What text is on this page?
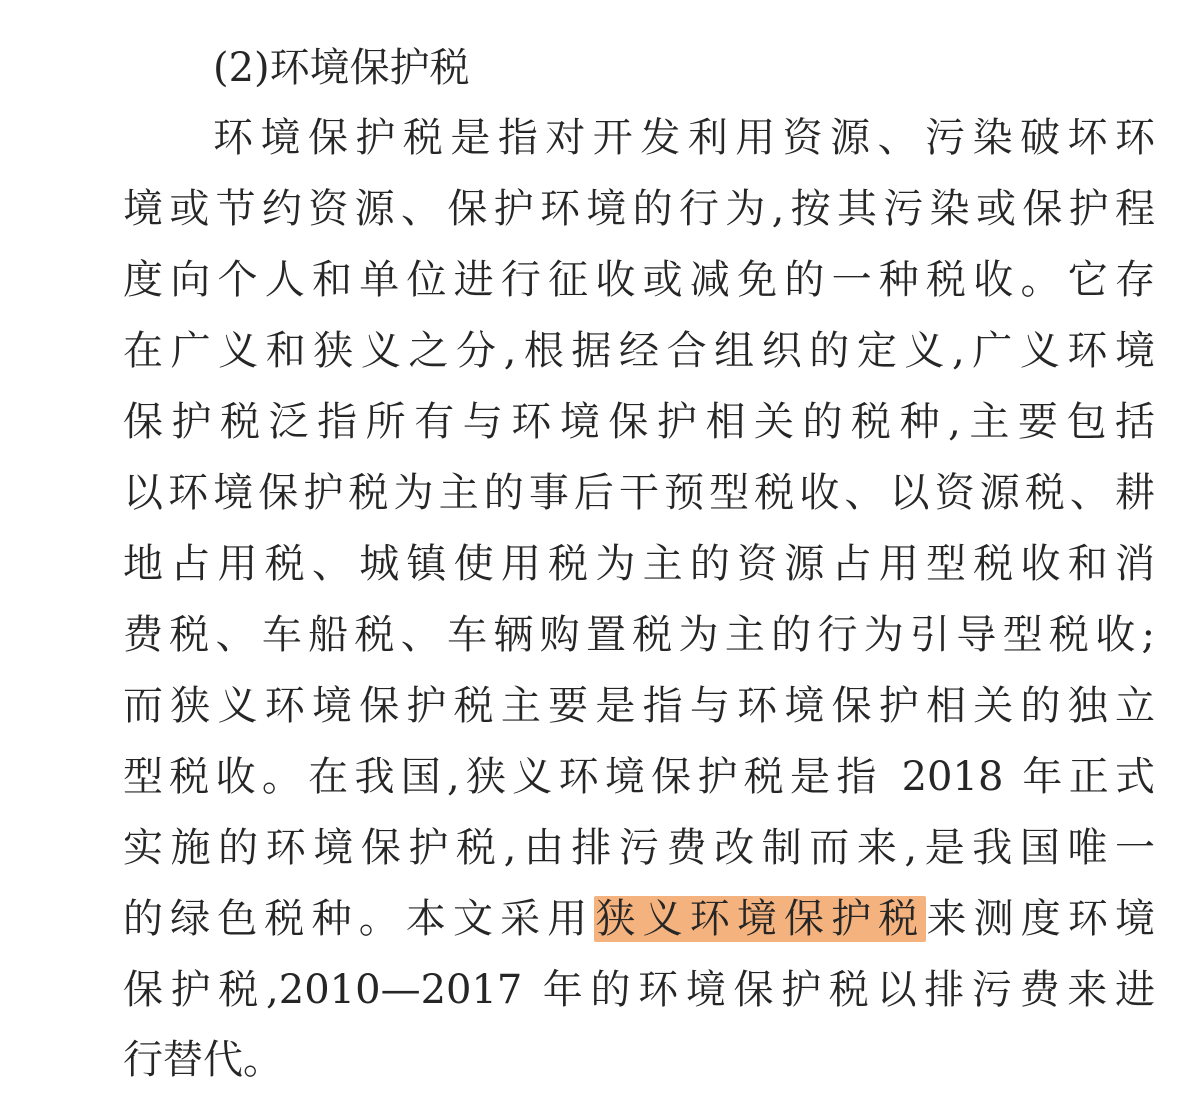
(2)环境保护税
环境保护税是指对开发利用资源、污染破坏环
境或节约资源、保护环境的行为,按其污染或保护程
度向个人和单位进行征收或减免的一种税收。它存
在广义和狭义之分,根据经合组织的定义,广义环境
保护税泛指所有与环境保护相关的税种,主要包括
以环境保护税为主的事后干预型税收、以资源税、耕
地占用税、城镇使用税为主的资源占用型税收和消
费税、车船税、车辆购置税为主的行为引导型税收;
而狭义环境保护税主要是指与环境保护相关的独立
型税收。在我国,狭义环境保护税是指 2018 年正式
实施的环境保护税,由排污费改制而来,是我国唯一
的绿色税种。本文采用狭义环境保护税来测度环境
保护税,2010—2017 年的环境保护税以排污费来进
行替代。
